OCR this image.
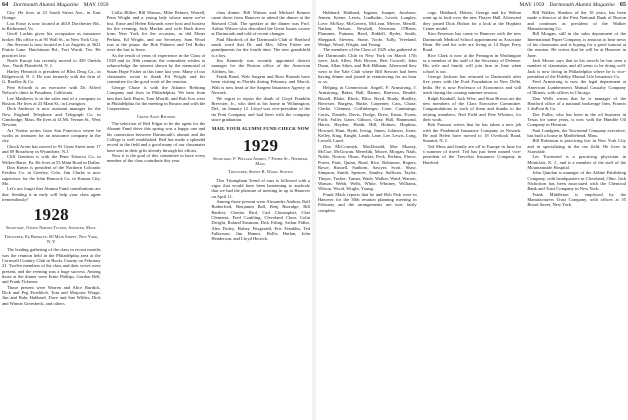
64 Dartmouth Alumni Magazine MAY 1959

City. He lives at 23 South Street Ave., in East Orange.

Lou Fosse is now located at 4610 Dorchester Rd., in Richmond, Va.

Geoff Lachin gives his occupation as insurance broker. His office is at 95 Wall St., in New York City.

Jim Stewart is now located in Los Angeles at 3621 Prairie Lane, Hutchinson Rd., Fort Worth, Tex. He practices law.

Neale Kuroje has recently moved to 450 Oneida Ave., North Plainfield, N. J.

Harley Heinrich is president of Bliss Drug Co., in Ridgewood, N. J. He was formerly with the firm of G. Bradley & Co.

Pete Schwab is an executive with Dr. Alfred Nelson's clinic in Pasadena, California.

Lee Matthews is in the sales end of a company in Boston. He lives at 23 Main St., in Lexington.

Dick Andrews is now assistant manager for the New England Telephone and Telegraph Co. in Cambridge, Mass. He lives at 14 Mt. Vernon St., West Newton.

Art Vezina writes from San Francisco where he works as treasurer for an insurance company in the city.

Chuck Arvin has moved to 95 Great Street near 17 and 69 Broadway in Wyandotte, N.J.

Cliff Gendron is with the Penn Tobacco Co. in Wilkes-Barre, Pa. He lives at 53 Main Road in Dallas.

Don Kimes is president of the Northern Colorado Feeders Co. in Greeley, Colo. Jim Clarke is now supervisor for the John Hancock Co. in Kansas City, Mo.

Let's not forget that Alumni Fund contributions are due. Sending it in early will help your class agent tremendously!

1928
Secretary, Osmun Norton Tucker, Andover, Mass.
Treasurer, Ed Brinkley, 60 Main Street, New York, N. Y.

The leading gathering of the class in recent months was the reunion held in the Philadelphia area at the Cornwall Country Club in Bucks County on February 21. Twelve members of the class and their wives were present, and the evening was a huge success. Among those at the dinner were Ernie Phillips, Gordon Bell, and Frank Tichenor.

Those present were Warren and Alice Burdick, Dick and Peg Froehlich, Tom and Marjorie Wrage, Jim and Babs Hubbard, Dave and Sue Wilder, Dick and Winnie Groesbeck, and others.

Collis Bliller, Bill Watson, Mike Reimer, Warrell, Fenn Wright and a young lady whose name we've lost. Ernie and Helen Edwards were host and hostess for the evening; Jack Mackie and wife Ruth drove from New York for the occasion, as did Elmer Perkins, Ed Wright, and our Secretary. Sam Wood was at the piano; the Bob Palmers and Ted Rohrs were the last to leave.

As the result of years of experience in the Class of 1928 and its 30th reunion, the committee wishes to acknowledge the interest shown by the memorial of Susan Hope Fisher at this time last year. Many of our classmates wrote to thank Ed Wright and his committee for the good work of the reunion.

George Chase is with the Atlantic Refining Company and lives in Philadelphia. We hear from him that Jack Harris, Tom Merrill, and Bob Ives were in Philadelphia for the meeting in Boston and with the Corporation.

Cruise Away Reunion

The selection of Red Edgar to be the agent for the Alumni Fund drive this spring was a happy one and his connection between Dartmouth's alumni and the College is well established. Red has made a splendid record in the field and a good many of our classmates have sent in their gifts already through his efforts.

Now it is the goal of this committee to have every member of the class contribute this year.

class dinner. Bill Watson and Michael Reimer came down from Hanover to attend the dinner at the Harvard Club. The speaker at the dinner was Prof. Arthur Wilson who described the Great Issues course at Dartmouth and told of recent changes.

Paul Murdock of the Dartmouth Club of Hartford sends word that Dr. and Mrs. Allen Fisher are grandparents for the fourth time. The new grandchild is a boy.

Jim Kennedy was recently appointed district manager for the Boston office of the American Airlines, Inc.

Frank Bond, Walt Sargent and Ross Rounds have been visiting in Florida during February and March. Walt is now head of the Sargent Insurance Agency in Newark.

We regret to report the death of Lloyd Franklin Brewster, Jr., who died at his home in Wilmington, Del., on January 12. Lloyd was vice-president of the du Pont Company and had been with the company since graduation.

MAIL YOUR ALUMNI FUND CHECK NOW
1929
Secretary, F. William Andres, 7 Fisher St., Needham, Mass.
Treasurer, Sidney R. Wood, Seattle

This Triumphant Trend of ours is followed with a vigor that would have been heartening to anybody that we had the pleasure of meeting in up at Hanover on April 11.

Among those present were Alexander Anthon, Ralf Rutherford, Benjamin Ball, Benj Burridge, Bill Bartlett, Chester Bird, Carl Christopher, Chet Clements, Fred Conkling, Cleveland Close, Colin Dwight, Roland Eastman, Dick Erling, Arthur Fidler, Alex Finley, Halsey Fitzgerald, Eric Franklin, Ted Fulkerson, Jim Haines, Hollis Harlan, John Henderson, and Lloyd Herrick.

MAY 1959 Dartmouth Alumni Magazine 65

Hubbard, Hubbard, Ingram, Jumper, Jacobsen, Jensen, Keene, Lewis, Lindholm, Lovett, Longley, Love, McKay, McGovern, McLean, Mercer, Merrill, Nathan, Nelson, Newhall, Newman, O'Brien, Plummer, Putnam, Reed, Riddell, Ryder, Smith, Sheppard, Stevens, Stone, Toole, Tully, Vreeland, Wedge, Wood, Wright, and Young.

The members of the Class of 1929 who gathered at the Dartmouth Club in New York on March 17th were: Jack Allen, Bob Brown, Bert Crowell, John Dunn, Allan Sikes, and Bob Hillman. Afterward they went to the Yale Club where Bill Stewart had been having dinner and joined in reminiscing for an hour or so.

Helping in Connecticut: Angell, F. Armstrong, J. Armstrong, Baker, Ball, Barnes, Barrows, Beadel, Bissell, Blake, Block, Bliss, Boyd, Brady, Bradley, Brewster, Burgess, Burke, Carpenter, Cass, Chase, Clarke, Clemens, Coffinberger, Cone, Cummings, Curtis, Daniels, Davis, Dodge, Drew, Eaton, Evans, Fitch, Fuller, Gates, Gibson, Gray, Hall, Hammond, Harris, Hayden, Heath, Hill, Holmes, Hopkins, Howard, Hunt, Hyde, Irving, James, Johnson, Jones, Kelley, King, Knight, Lamb, Lane, Lee, Lewis, Long, Lowell, Lund.

Don McCormick, MacDonald, Mac Murray, McCue, McGowan, Meredith, Moore, Morgan, Nash, Noble, Norton, Olson, Parker, Peck, Perkins, Pierce, Porter, Pratt, Quinn, Read, Rice, Robinson, Rogers, Rowe, Russell, Sanborn, Sawyer, Scott, Shaw, Simpson, Smith, Spencer, Stanley, Sullivan, Taylor, Thayer, Tucker, Turner, Wade, Walker, Ward, Warren, Watson, Webb, Wells, White, Whitney, Williams, Wilson, Wood, Wright, Young.

Frank Mack reports that he and Bob Fisk were in Hanover for the 30th reunion planning meeting in February and the arrangements are now fairly complete.

cago. Hubbard, Halsey, George and Ira Walton went up to look over the new Thayer Hall. Afterward they joined Dick Holton for a look at the Hopkins Center model.

Kim Emerson has come to Hanover with the new Dartmouth Medical School appointment as Associate Dean. He and his wife are living at 14 Rope Ferry Road.

Rice Clark is now at the Pentagon in Washington as a member of the staff of the Secretary of Defense. His wife and family will join him in June when school is out.

George Jackson has returned to Dartmouth after five years with the Ford Foundation in New Delhi, India. He is now Professor of Economics and will teach during the coming summer session.

Ralph Kimball, Jack Wise, and Stan Brown are the new members of the Class Executive Committee. Congratulations to each of them and thanks to the retiring members, Ned Field and Pete Whittier, for their work.

Bob Parsons writes that he has taken a new job with the Prudential Insurance Company in Newark. He and Helen have moved to 18 Overlook Road, Summit, N. J.

Ted Moss and family are off to Europe in June for a summer of travel. Ted has just been named vice-president of the Travelers Insurance Company in Hartford.

Bill Walker, Shadow of the 18 years, has been made a director of the First National Bank of Boston and continues as president of the Walker Manufacturing Co.

Bill Morgan, still in the sales department of the International Paper Company, is anxious to hear news of his classmates and is hoping for a good turnout at the reunion. He writes that he will be at Hanover in June.

Jack Moore says that in his travels he has seen a number of classmates and all seem to be doing well. Jack is now living in Philadelphia where he is vice-president of the Fidelity Mutual Life Insurance Co.

Fred Armstrong is now the legal department at American Lumbermen's Mutual Casualty Company of Illinois, with offices in Chicago.

Dan Wells writes that he is manager of the Hartford office of a national brokerage firm, Francis I. duPont & Co.

Doc Fuller, who has been in the oil business in Texas for some years, is now with the Humble Oil Company in Houston.

Paul Lundgren, the Townsend Company executive, has built a house in Marblehead, Mass.

Bill Robinson is practicing law in New York City and in specializing in the tax field. He lives in Scarsdale.

Les Townsend is a practicing physician in Montclair, N. J., and is a member of the staff of the Mountainside Hospital.

John Quinlan is manager of the Aldine Publishing Company, with headquarters in Cleveland, Ohio. Jack Nicholson has been associated with the Chemical Bank and Trust Company in New York.

Frank Middleton is employed by the Manufacturers Trust Company, with offices at 55 Broad Street, New York.
